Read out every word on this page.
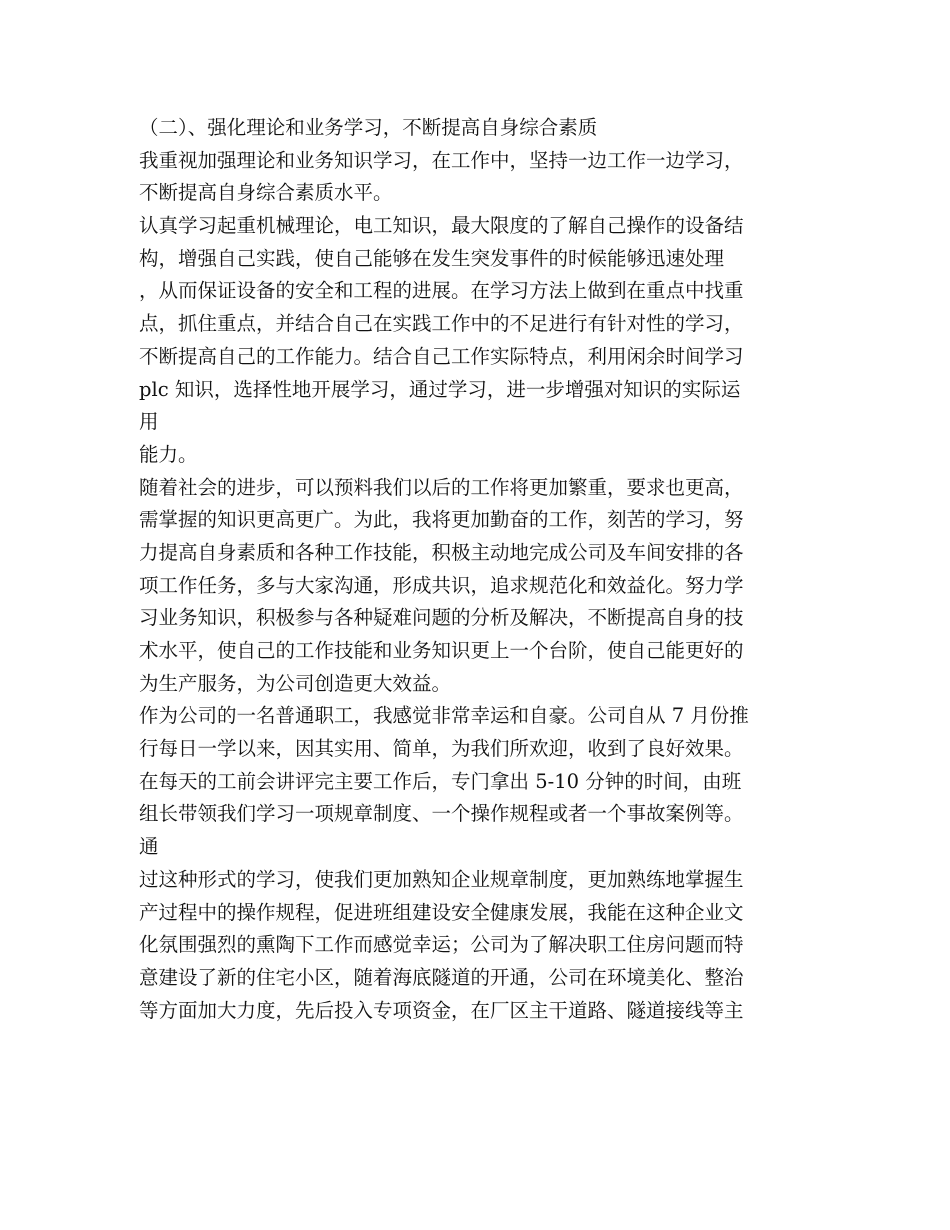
（二）、强化理论和业务学习，不断提高自身综合素质
我重视加强理论和业务知识学习，在工作中，坚持一边工作一边学习，
不断提高自身综合素质水平。
认真学习起重机械理论，电工知识，最大限度的了解自己操作的设备结
构，增强自己实践，使自己能够在发生突发事件的时候能够迅速处理
，从而保证设备的安全和工程的进展。在学习方法上做到在重点中找重
点，抓住重点，并结合自己在实践工作中的不足进行有针对性的学习，
不断提高自己的工作能力。结合自己工作实际特点，利用闲余时间学习
plc 知识，选择性地开展学习，通过学习，进一步增强对知识的实际运
用
能力。
随着社会的进步，可以预料我们以后的工作将更加繁重，要求也更高，
需掌握的知识更高更广。为此，我将更加勤奋的工作，刻苦的学习，努
力提高自身素质和各种工作技能，积极主动地完成公司及车间安排的各
项工作任务，多与大家沟通，形成共识，追求规范化和效益化。努力学
习业务知识，积极参与各种疑难问题的分析及解决，不断提高自身的技
术水平，使自己的工作技能和业务知识更上一个台阶，使自己能更好的
为生产服务，为公司创造更大效益。
作为公司的一名普通职工，我感觉非常幸运和自豪。公司自从 7 月份推
行每日一学以来，因其实用、简单，为我们所欢迎，收到了良好效果。
在每天的工前会讲评完主要工作后，专门拿出 5-10 分钟的时间，由班
组长带领我们学习一项规章制度、一个操作规程或者一个事故案例等。
通
过这种形式的学习，使我们更加熟知企业规章制度，更加熟练地掌握生
产过程中的操作规程，促进班组建设安全健康发展，我能在这种企业文
化氛围强烈的熏陶下工作而感觉幸运；公司为了解决职工住房问题而特
意建设了新的住宅小区，随着海底隧道的开通，公司在环境美化、整治
等方面加大力度，先后投入专项资金，在厂区主干道路、隧道接线等主
